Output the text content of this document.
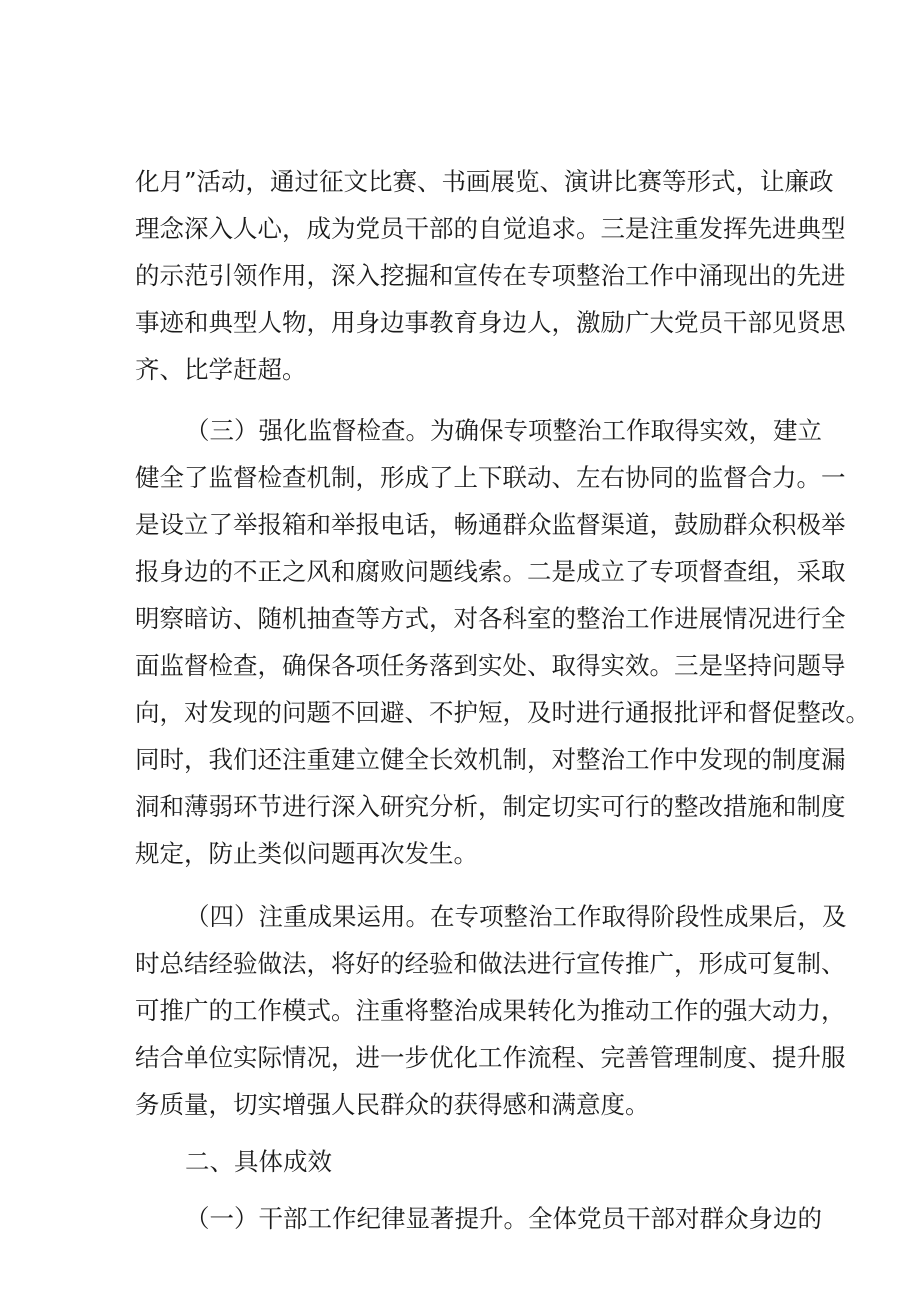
化月”活动，通过征文比赛、书画展览、演讲比赛等形式，让廉政
理念深入人心，成为党员干部的自觉追求。三是注重发挥先进典型
的示范引领作用，深入挖掘和宣传在专项整治工作中涌现出的先进
事迹和典型人物，用身边事教育身边人，激励广大党员干部见贤思
齐、比学赶超。
（三）强化监督检查。为确保专项整治工作取得实效，建立
健全了监督检查机制，形成了上下联动、左右协同的监督合力。一
是设立了举报箱和举报电话，畅通群众监督渠道，鼓励群众积极举
报身边的不正之风和腐败问题线索。二是成立了专项督查组，采取
明察暗访、随机抽查等方式，对各科室的整治工作进展情况进行全
面监督检查，确保各项任务落到实处、取得实效。三是坚持问题导
向，对发现的问题不回避、不护短，及时进行通报批评和督促整改。
同时，我们还注重建立健全长效机制，对整治工作中发现的制度漏
洞和薄弱环节进行深入研究分析，制定切实可行的整改措施和制度
规定，防止类似问题再次发生。
（四）注重成果运用。在专项整治工作取得阶段性成果后，及
时总结经验做法，将好的经验和做法进行宣传推广，形成可复制、
可推广的工作模式。注重将整治成果转化为推动工作的强大动力，
结合单位实际情况，进一步优化工作流程、完善管理制度、提升服
务质量，切实增强人民群众的获得感和满意度。
二、具体成效
（一）干部工作纪律显著提升。全体党员干部对群众身边的
